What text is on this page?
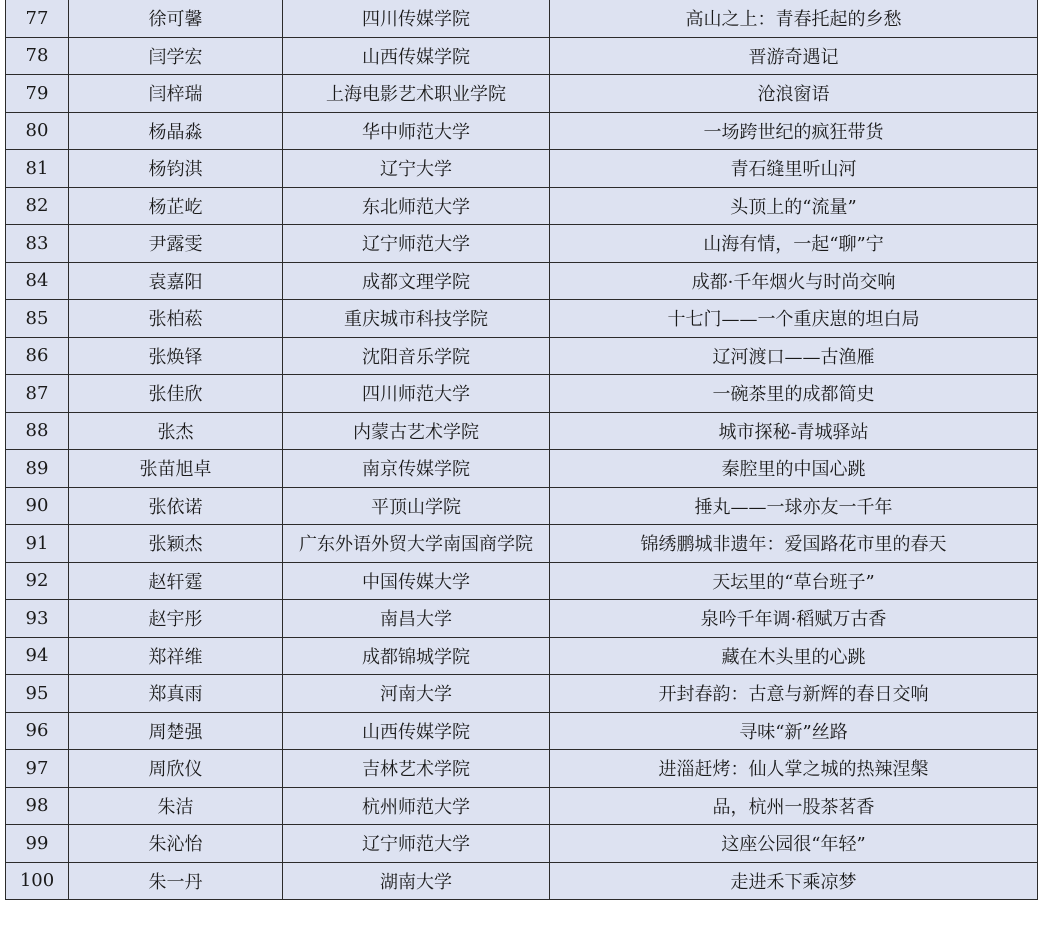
77	徐可馨	四川传媒学院	高山之上：青春托起的乡愁
78	闫学宏	山西传媒学院	晋游奇遇记
79	闫梓瑞	上海电影艺术职业学院	沧浪窗语
80	杨晶淼	华中师范大学	一场跨世纪的疯狂带货
81	杨钧淇	辽宁大学	青石缝里听山河
82	杨芷屹	东北师范大学	头顶上的“流量”
83	尹露雯	辽宁师范大学	山海有情，一起“聊”宁
84	袁嘉阳	成都文理学院	成都·千年烟火与时尚交响
85	张柏菘	重庆城市科技学院	十七门——一个重庆崽的坦白局
86	张焕铎	沈阳音乐学院	辽河渡口——古渔雁
87	张佳欣	四川师范大学	一碗茶里的成都简史
88	张杰	内蒙古艺术学院	城市探秘-青城驿站
89	张苗旭卓	南京传媒学院	秦腔里的中国心跳
90	张依诺	平顶山学院	捶丸——一球亦友一千年
91	张颖杰	广东外语外贸大学南国商学院	锦绣鹏城非遗年：爱国路花市里的春天
92	赵轩霆	中国传媒大学	天坛里的“草台班子”
93	赵宇彤	南昌大学	泉吟千年调·稻赋万古香
94	郑祥维	成都锦城学院	藏在木头里的心跳
95	郑真雨	河南大学	开封春韵：古意与新辉的春日交响
96	周楚强	山西传媒学院	寻味“新”丝路
97	周欣仪	吉林艺术学院	进淄赶烤：仙人掌之城的热辣涅槃
98	朱洁	杭州师范大学	品，杭州一股茶茗香
99	朱沁怡	辽宁师范大学	这座公园很“年轻”
100	朱一丹	湖南大学	走进禾下乘凉梦
